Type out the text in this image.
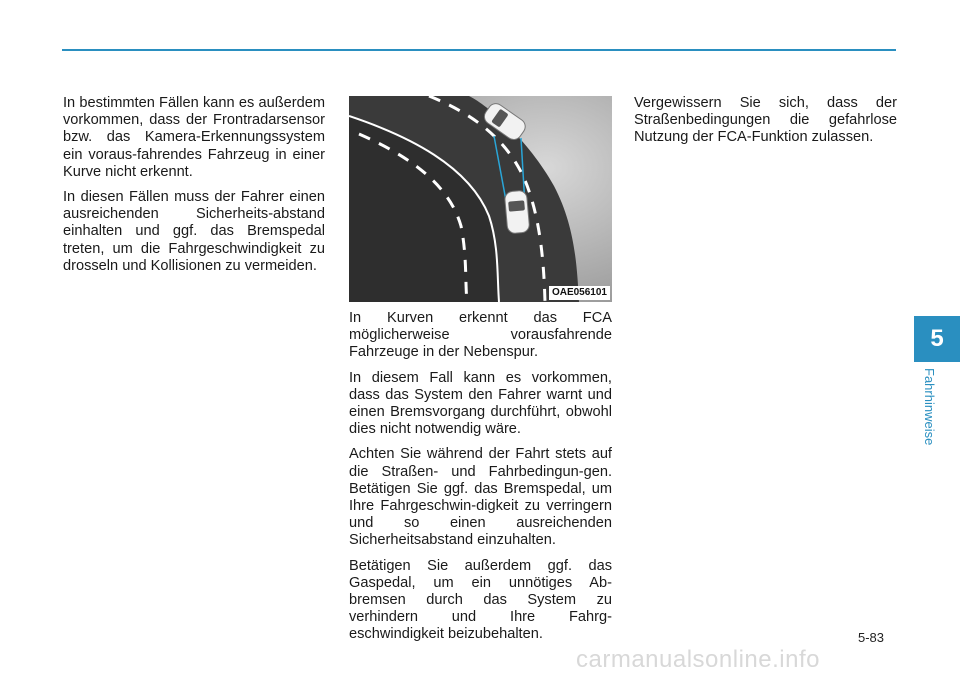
In bestimmten Fällen kann es außerdem vorkommen, dass der Frontradarsensor bzw. das Kamera-Erkennungssystem ein voraus-fahrendes Fahrzeug in einer Kurve nicht erkennt.

In diesen Fällen muss der Fahrer einen ausreichenden Sicherheits-abstand einhalten und ggf. das Bremspedal treten, um die Fahrgeschwindigkeit zu drosseln und Kollisionen zu vermeiden.

OAE056101

In Kurven erkennt das FCA möglicherweise vorausfahrende Fahrzeuge in der Nebenspur.

In diesem Fall kann es vorkommen, dass das System den Fahrer warnt und einen Bremsvorgang durchführt, obwohl dies nicht notwendig wäre.

Achten Sie während der Fahrt stets auf die Straßen- und Fahrbedingun-gen. Betätigen Sie ggf. das Bremspedal, um Ihre Fahrgeschwin-digkeit zu verringern und so einen ausreichenden Sicherheitsabstand einzuhalten.

Betätigen Sie außerdem ggf. das Gaspedal, um ein unnötiges Ab-bremsen durch das System zu verhindern und Ihre Fahrg-eschwindigkeit beizubehalten.

Vergewissern Sie sich, dass der Straßenbedingungen die gefahrlose Nutzung der FCA-Funktion zulassen.

5
Fahrhinweise
5-83
carmanualsonline.info
